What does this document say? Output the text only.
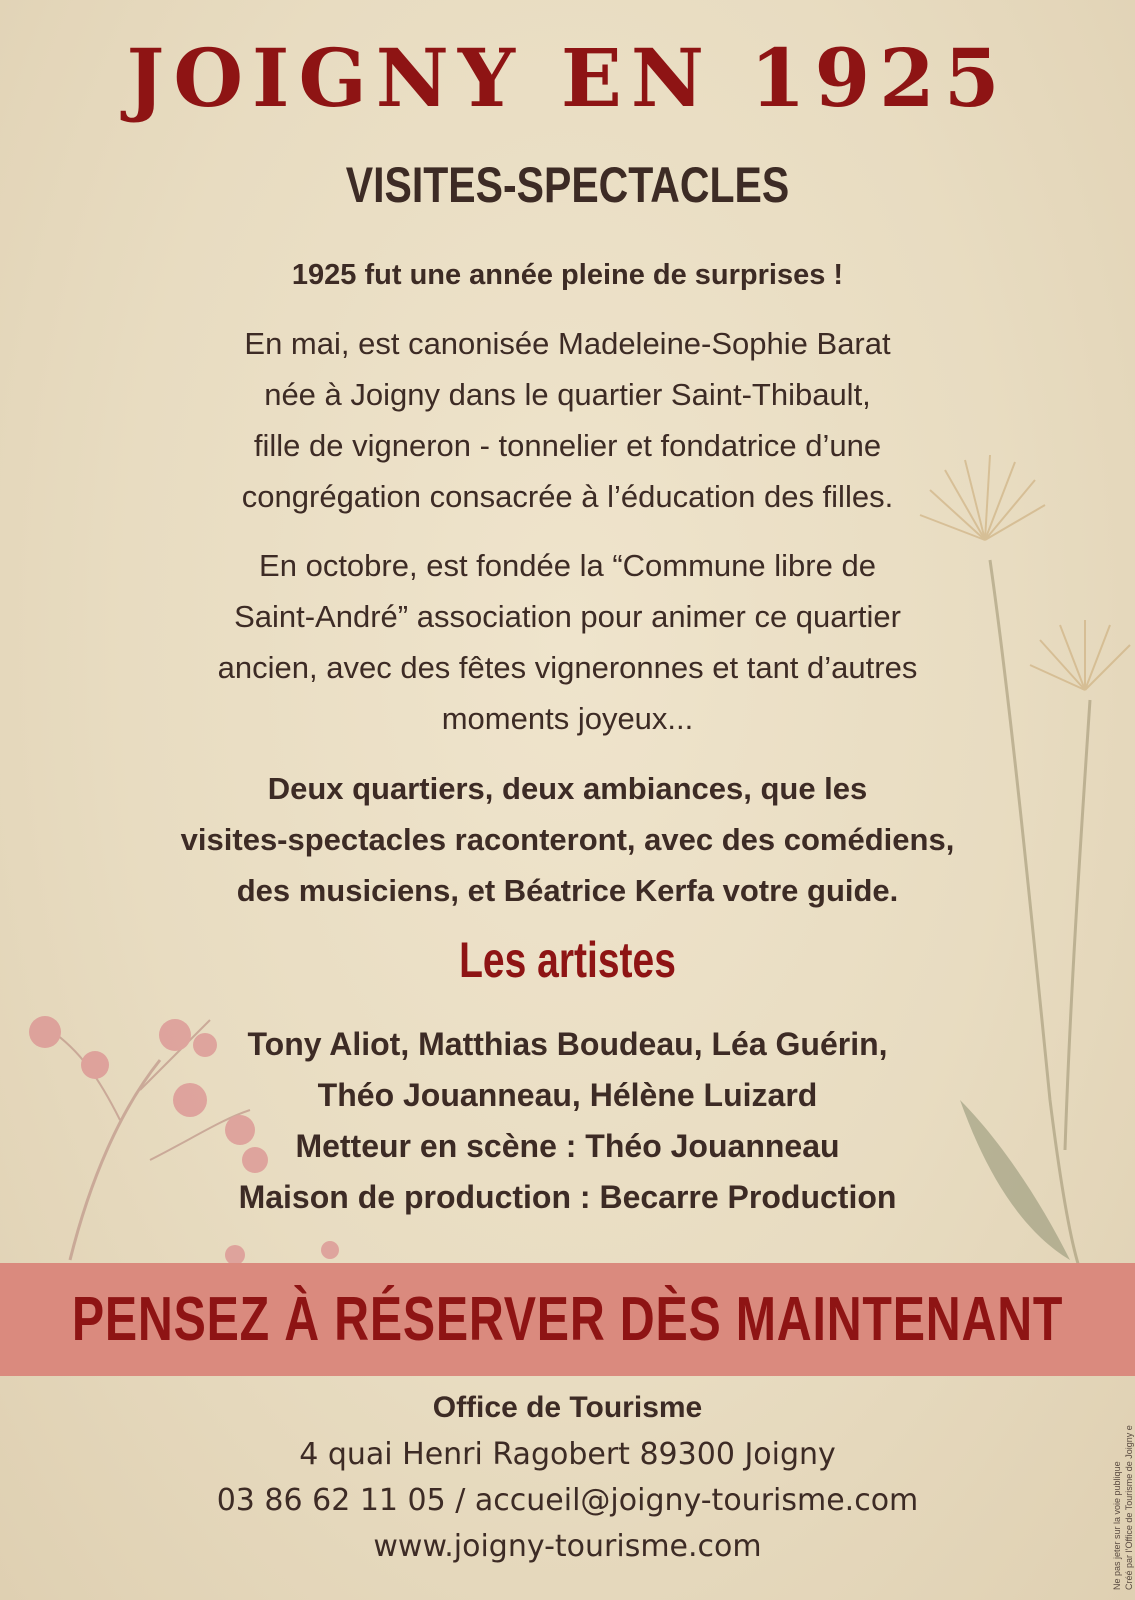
JOIGNY EN 1925
VISITES-SPECTACLES

1925 fut une année pleine de surprises !

En mai, est canonisée Madeleine-Sophie Barat
née à Joigny dans le quartier Saint-Thibault,
fille de vigneron - tonnelier et fondatrice d’une
congrégation consacrée à l’éducation des filles.

En octobre, est fondée la “Commune libre de
Saint-André” association pour animer ce quartier
ancien, avec des fêtes vigneronnes et tant d’autres
moments joyeux...

Deux quartiers, deux ambiances, que les
visites-spectacles raconteront, avec des comédiens,
des musiciens, et Béatrice Kerfa votre guide.

Les artistes

Tony Aliot, Matthias Boudeau, Léa Guérin,
Théo Jouanneau, Hélène Luizard
Metteur en scène : Théo Jouanneau
Maison de production : Becarre Production

PENSEZ À RÉSERVER DÈS MAINTENANT

Office de Tourisme

4 quai Henri Ragobert 89300 Joigny
03 86 62 11 05 / accueil@joigny-tourisme.com
www.joigny-tourisme.com	Ne pas jeter sur la voie publique Créé par l’Office de Tourisme de Joigny e
